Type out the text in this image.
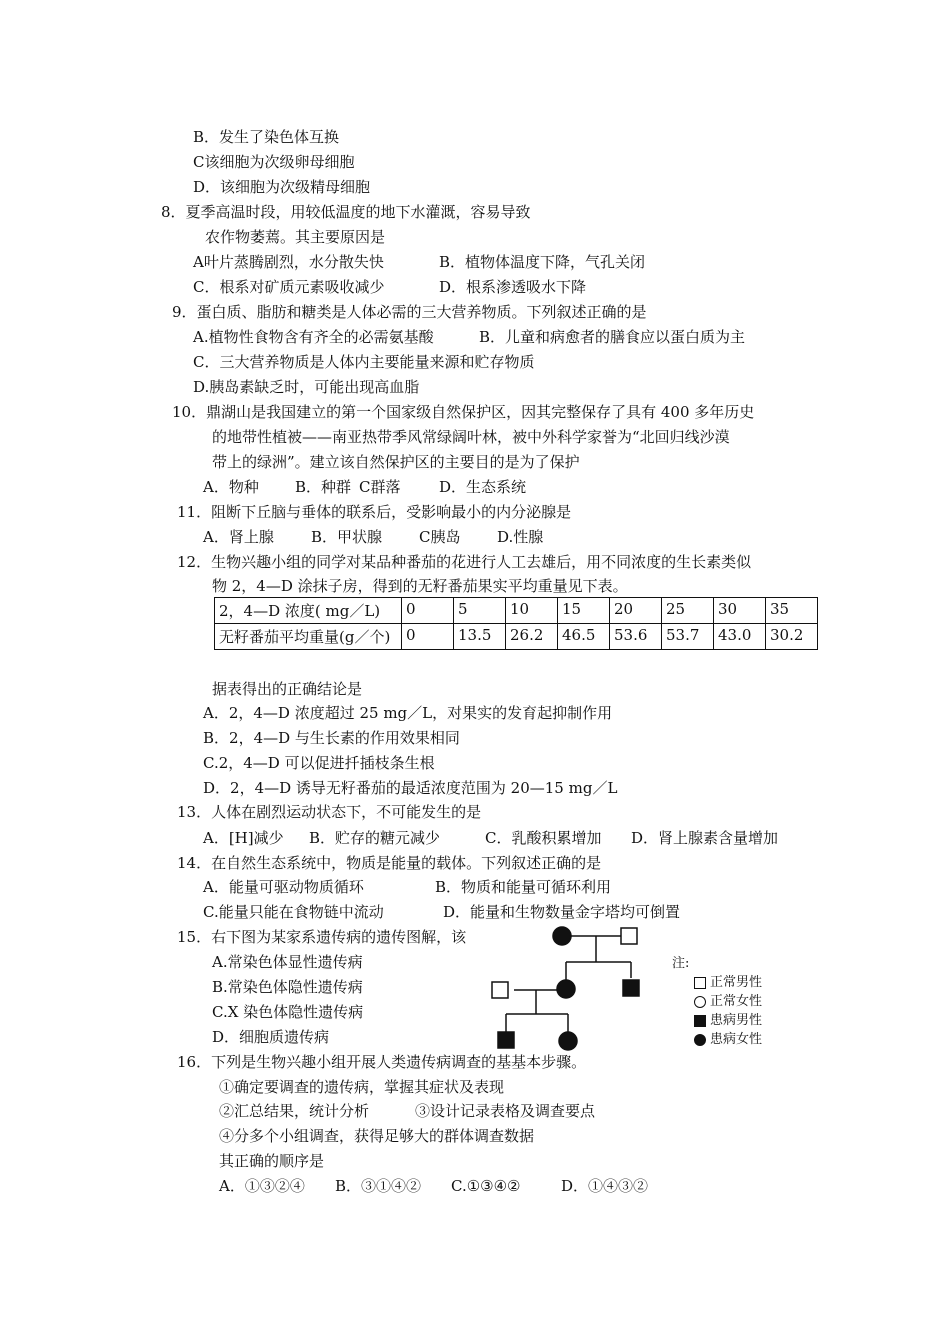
B．发生了染色体互换
C该细胞为次级卵母细胞
D．该细胞为次级精母细胞
8．夏季高温时段，用较低温度的地下水灌溉，容易导致
农作物萎蔫。其主要原因是
A叶片蒸腾剧烈，水分散失快	B．植物体温度下降，气孔关闭
C．根系对矿质元素吸收减少	D．根系渗透吸水下降
9．蛋白质、脂肪和糖类是人体必需的三大营养物质。下列叙述正确的是
A.植物性食物含有齐全的必需氨基酸	B．儿童和病愈者的膳食应以蛋白质为主
C．三大营养物质是人体内主要能量来源和贮存物质
D.胰岛素缺乏时，可能出现高血脂
10．鼎湖山是我国建立的第一个国家级自然保护区，因其完整保存了具有 400 多年历史
的地带性植被——南亚热带季风常绿阔叶林，被中外科学家誉为“北回归线沙漠
带上的绿洲”。建立该自然保护区的主要目的是为了保护
A．物种 B．种群 C群落	D．生态系统
11．阻断下丘脑与垂体的联系后，受影响最小的内分泌腺是
A．肾上腺 B．甲状腺 C胰岛 D.性腺
12．生物兴趣小组的同学对某品种番茄的花进行人工去雄后，用不同浓度的生长素类似
物 2，4—D 涂抹子房，得到的无籽番茄果实平均重量见下表。
2，4—D 浓度( mg／L)	0	5	10	15	20	25	30	35
无籽番茄平均重量(g／个)	0	13.5	26.2	46.5	53.6	53.7	43.0	30.2
据表得出的正确结论是
A．2，4—D 浓度超过 25 mg／L，对果实的发育起抑制作用
B．2，4—D 与生长素的作用效果相同
C.2，4—D 可以促进扦插枝条生根
D．2，4—D 诱导无籽番茄的最适浓度范围为 20—15 mg／L
13．人体在剧烈运动状态下，不可能发生的是
A．[H]减少 B．贮存的糖元减少	C．乳酸积累增加 D．肾上腺素含量增加
14．在自然生态系统中，物质是能量的载体。下列叙述正确的是
A．能量可驱动物质循环	B．物质和能量可循环利用
C.能量只能在食物链中流动	D．能量和生物数量金字塔均可倒置
15．右下图为某家系遗传病的遗传图解，该
A.常染色体显性遗传病
B.常染色体隐性遗传病
C.X 染色体隐性遗传病
D．细胞质遗传病
注:
正常男性
正常女性
患病男性
患病女性
16．下列是生物兴趣小组开展人类遗传病调查的基基本步骤。
①确定要调查的遗传病，掌握其症状及表现
②汇总结果，统计分析	③设计记录表格及调查要点
④分多个小组调查，获得足够大的群体调查数据
其正确的顺序是
A．①③②④ B．③①④② C.①③④②	D．①④③②
